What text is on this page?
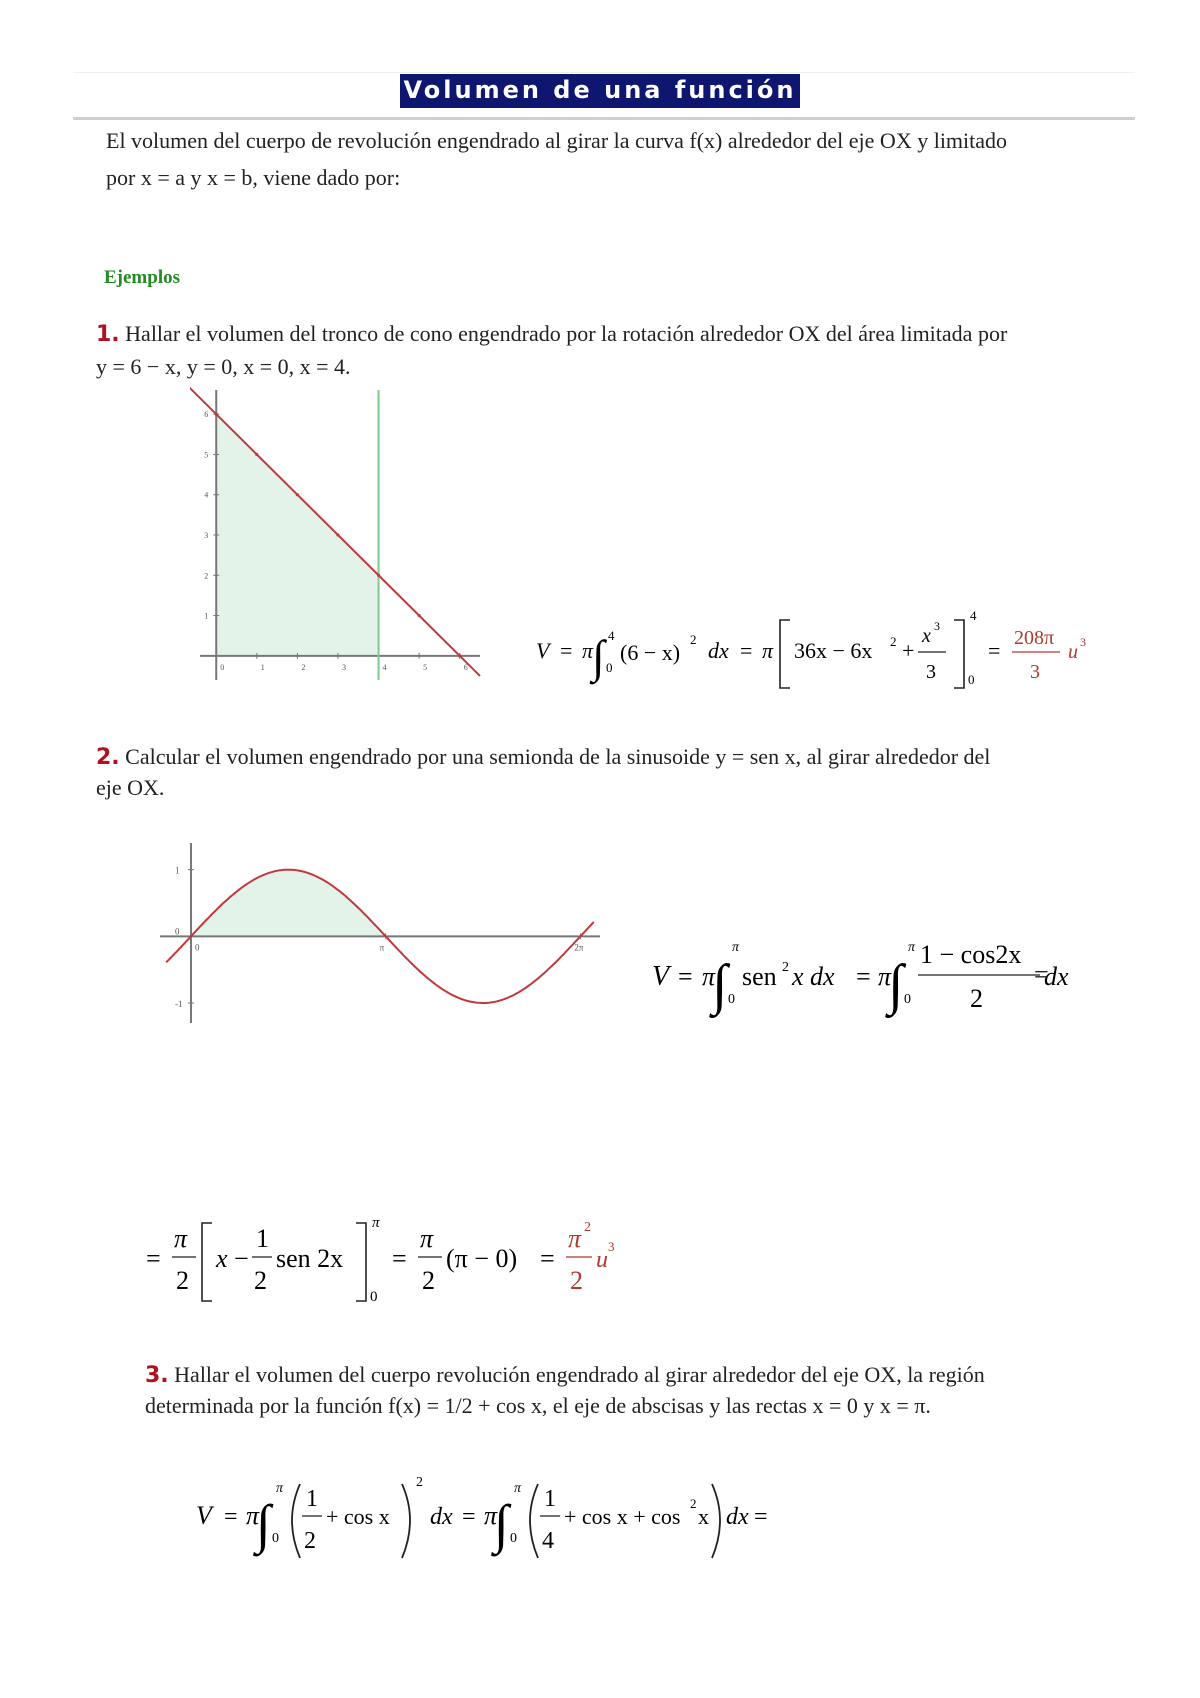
Volumen de una función
El volumen del cuerpo de revolución engendrado al girar la curva f(x) alrededor del eje OX y limitado
por x = a y x = b, viene dado por:
Ejemplos
1. Hallar el volumen del tronco de cono engendrado por la rotación alrededor OX del área limitada por
y = 6 − x, y = 0, x = 0, x = 4.
0	1	2	3	4	5	6
1
2
3
4
5
6
V = π
∫ 4
0
(6 − x)
2 dx = π 36x − 6x 2 +
x 3
3
4
0
= 208π
3
u 3
2. Calcular el volumen engendrado por una semionda de la sinusoide y = sen x, al girar alrededor del
eje OX.
0	π	2π
1
0
-1
V = π
∫
π
0
sen 2 x dx = π
∫
π
0
1 − cos2x
2
dx
=
=
π
2
x −
1
2
sen 2x
π
0
=
π
2
(π − 0) =
π 2
2
u
3
3. Hallar el volumen del cuerpo revolución engendrado al girar alrededor del eje OX, la región
determinada por la función f(x) = 1/2 + cos x, el eje de abscisas y las rectas x = 0 y x = π.
V = π
∫
π
0
1
2
+ cos x
2
dx = π
∫
π
0
1
4
+ cos x + cos
2
x dx =
